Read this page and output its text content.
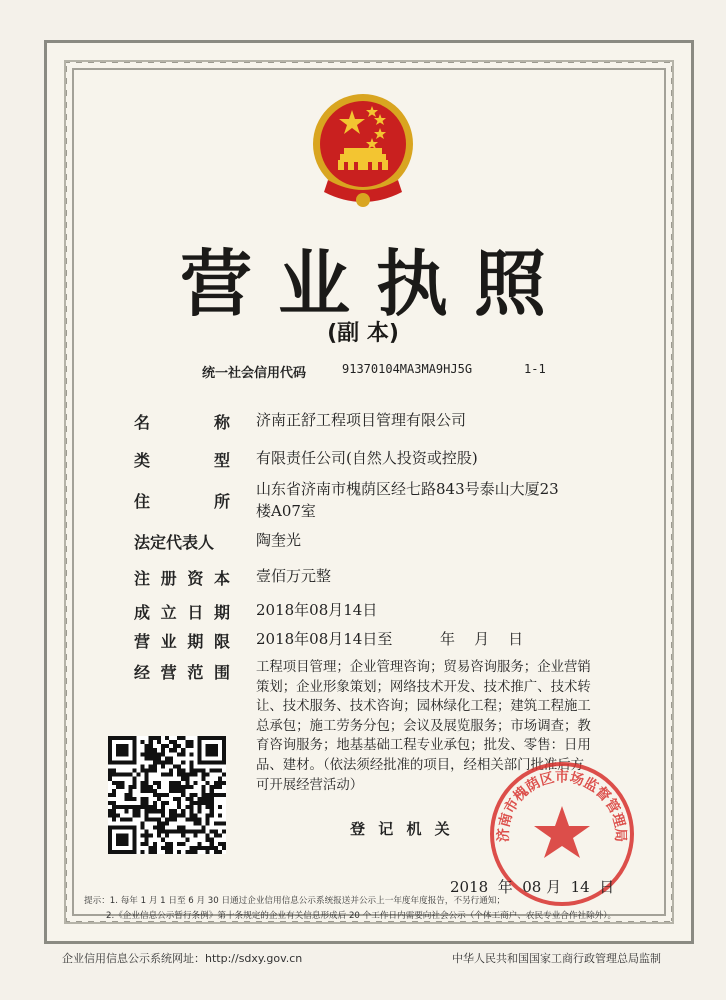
营业执照
(副 本)
统一社会信用代码	91370104MA3MA9HJ5G	1-1
名	称 济南正舒工程项目管理有限公司
类	型 有限责任公司(自然人投资或控股)
住	所
山东省济南市槐荫区经七路843号泰山大厦23
楼A07室
法定代表人	陶奎光
注 册 资 本 壹佰万元整
成 立 日 期 2018年08月14日
营 业 期 限 2018年08月14日至          年    月    日
经 营 范 围 工程项目管理；企业管理咨询；贸易咨询服务；企业营销
策划；企业形象策划；网络技术开发、技术推广、技术转
让、技术服务、技术咨询；园林绿化工程；建筑工程施工
总承包；施工劳务分包；会议及展览服务；市场调查；教
育咨询服务；地基基础工程专业承包；批发、零售：日用
品、建材。（依法须经批准的项目，经相关部门批准后方
可开展经营活动）
登 记 机 关	济南市槐荫区市场监督管理局
2018  年  08 月  14  日
提示：1. 每年 1 月 1 日至 6 月 30 日通过企业信用信息公示系统报送并公示上一年度年度报告，不另行通知；
2.《企业信息公示暂行条例》第十条规定的企业有关信息形成后 20 个工作日内需要向社会公示（个体工商户、农民专业合作社除外）。
企业信用信息公示系统网址：http://sdxy.gov.cn	中华人民共和国国家工商行政管理总局监制
